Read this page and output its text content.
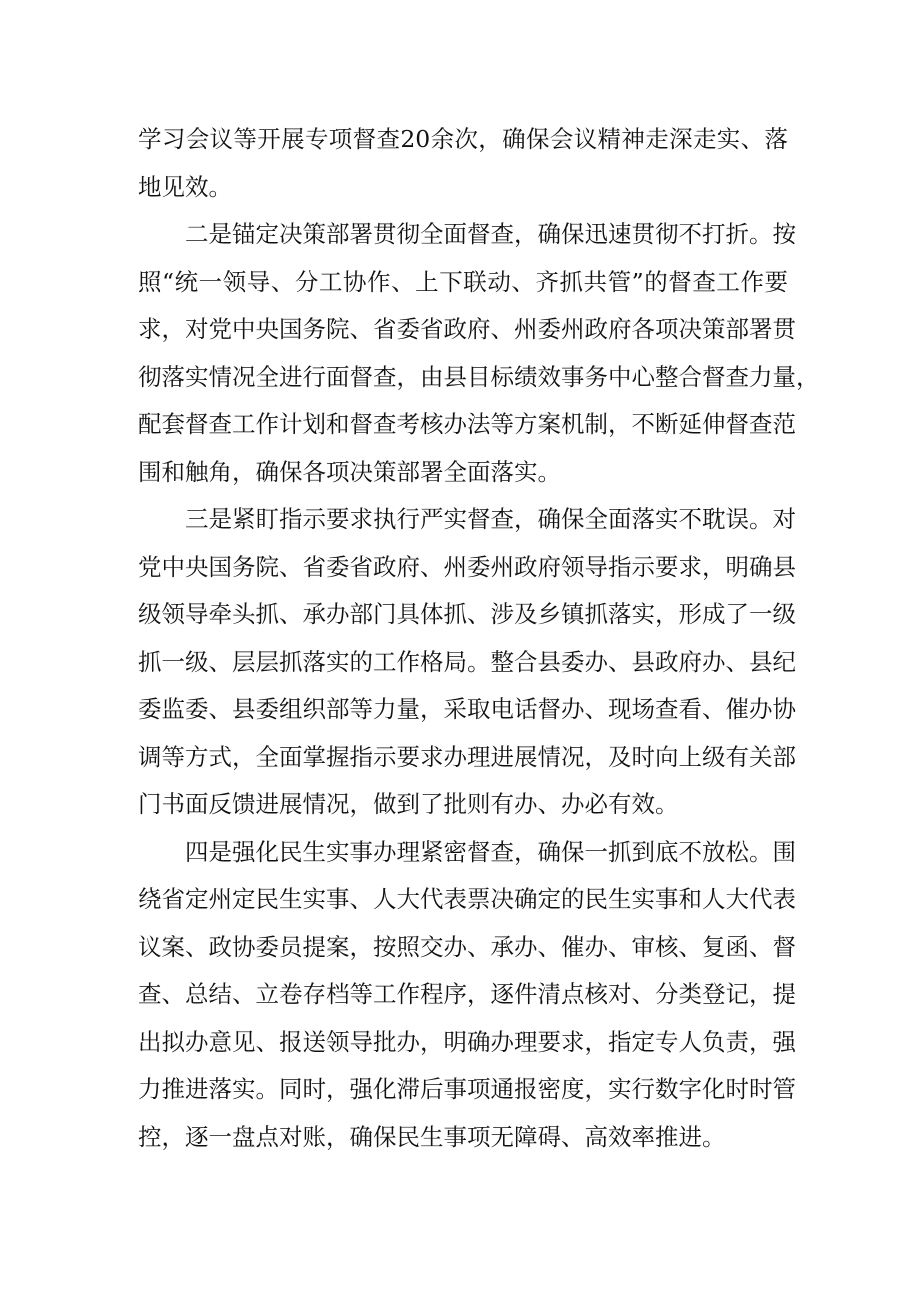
学习会议等开展专项督查20余次，确保会议精神走深走实、落
地见效。

二是锚定决策部署贯彻全面督查，确保迅速贯彻不打折。按
照“统一领导、分工协作、上下联动、齐抓共管”的督查工作要
求，对党中央国务院、省委省政府、州委州政府各项决策部署贯
彻落实情况全进行面督查，由县目标绩效事务中心整合督查力量，
配套督查工作计划和督查考核办法等方案机制，不断延伸督查范
围和触角，确保各项决策部署全面落实。

三是紧盯指示要求执行严实督查，确保全面落实不耽误。对
党中央国务院、省委省政府、州委州政府领导指示要求，明确县
级领导牵头抓、承办部门具体抓、涉及乡镇抓落实，形成了一级
抓一级、层层抓落实的工作格局。整合县委办、县政府办、县纪
委监委、县委组织部等力量，采取电话督办、现场查看、催办协
调等方式，全面掌握指示要求办理进展情况，及时向上级有关部
门书面反馈进展情况，做到了批则有办、办必有效。

四是强化民生实事办理紧密督查，确保一抓到底不放松。围
绕省定州定民生实事、人大代表票决确定的民生实事和人大代表
议案、政协委员提案，按照交办、承办、催办、审核、复函、督
查、总结、立卷存档等工作程序，逐件清点核对、分类登记，提
出拟办意见、报送领导批办，明确办理要求，指定专人负责，强
力推进落实。同时，强化滞后事项通报密度，实行数字化时时管
控，逐一盘点对账，确保民生事项无障碍、高效率推进。
